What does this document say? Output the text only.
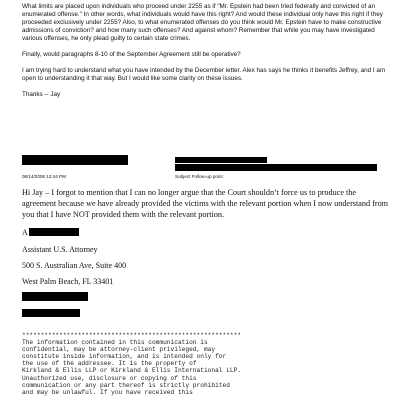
What limits are placed upon individuals who proceed under 2255 as if "Mr. Epstein had been tried federally and convicted of an enumerated offense." In other words, what individuals would have this right? And would these individual only have this right if they proceeded exclusively under 2255? Also, to what enumerated offenses do you think would Mr. Epstein have to make constructive admissions of conviction? and how many such offenses? And against whom? Remember that while you may have investigated various offenses, he only plead guilty to certain state crimes.

Finally, would paragraphs 8-10 of the September Agreement still be operative?

I am trying hard to understand what you have intended by the December letter. Alex has says he thinks it benefits Jeffrey, and I am open to understanding it that way. But I would like some clarity on these issues.

Thanks -- Jay

08/14/2008 12:44 PM	Subject Follow-up point

Hi Jay – I forgot to mention that I can no longer argue that the Court shouldn’t force us to produce the agreement because we have already provided the victims with the relevant portion when I now understand from you that I have NOT provided them with the relevant portion.

A
Assistant U.S. Attorney
500 S. Australian Ave, Suite 400
West Palm Beach, FL 33401
***********************************************************
The information contained in this communication is
confidential, may be attorney-client privileged, may
constitute inside information, and is intended only for
the use of the addressee. It is the property of
Kirkland & Ellis LLP or Kirkland & Ellis International LLP.
Unauthorized use, disclosure or copying of this
communication or any part thereof is strictly prohibited
and may be unlawful. If you have received this
